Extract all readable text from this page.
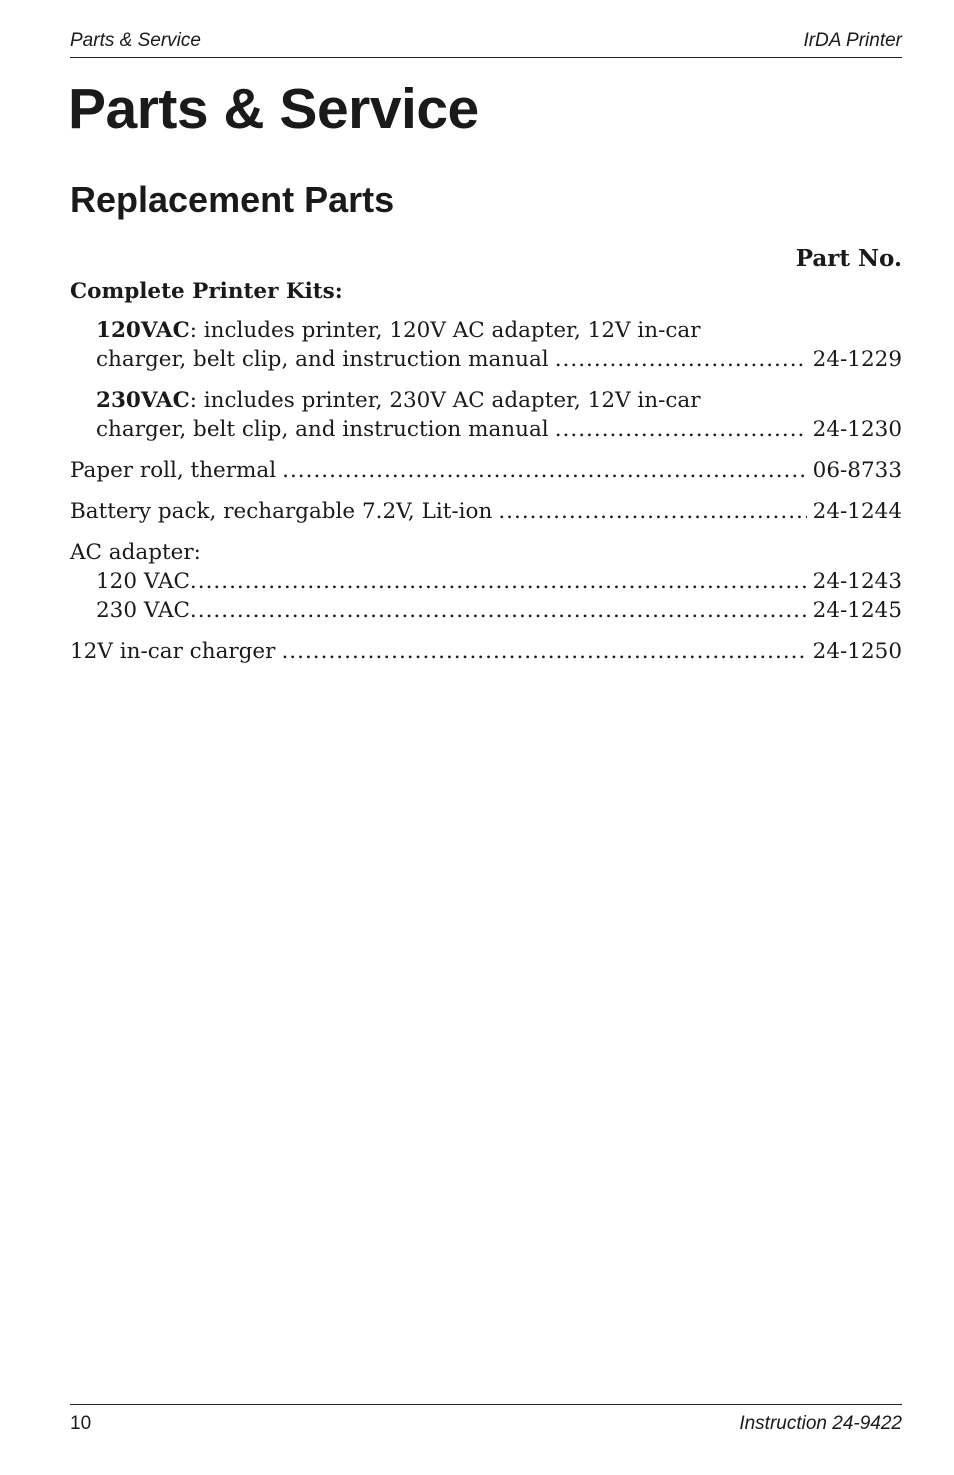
Parts & Service	IrDA Printer
Parts & Service
Replacement Parts
Part No.
Complete Printer Kits:
120VAC: includes printer, 120V AC adapter, 12V in-car
charger, belt clip, and instruction manual .....	24-1229
230VAC: includes printer, 230V AC adapter, 12V in-car
charger, belt clip, and instruction manual .....	24-1230
Paper roll, thermal .....	06-8733
Battery pack, rechargable 7.2V, Lit-ion .....	24-1244
AC adapter:
120 VAC .....	24-1243
230 VAC .....	24-1245
12V in-car charger .....	24-1250
10	Instruction 24-9422
